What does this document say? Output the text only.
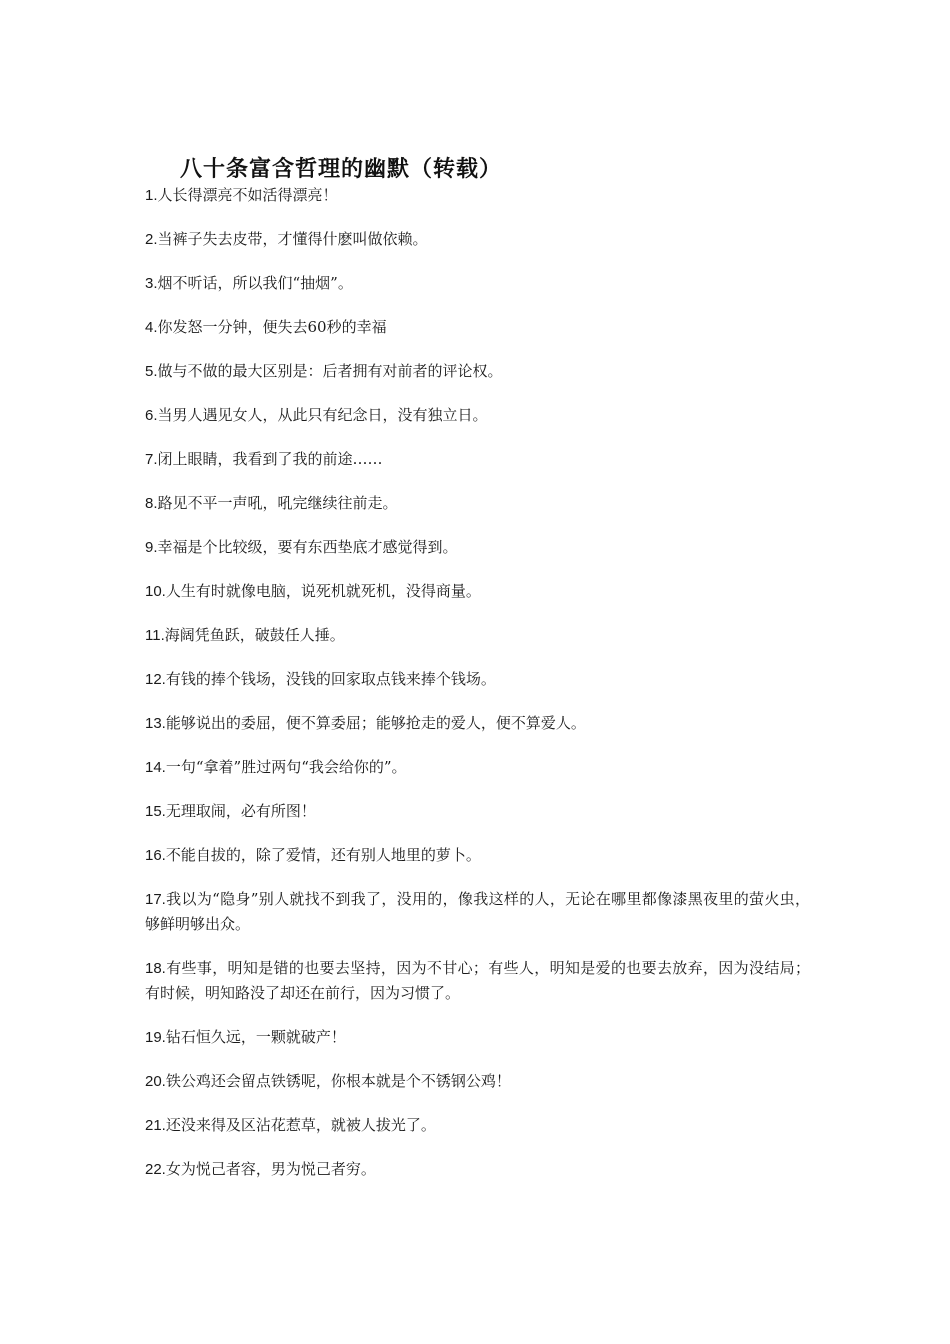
八十条富含哲理的幽默（转载）
1.人长得漂亮不如活得漂亮！
2.当裤子失去皮带，才懂得什麽叫做依赖。
3.烟不听话，所以我们“抽烟”。
4.你发怒一分钟，便失去60秒的幸福
5.做与不做的最大区别是：后者拥有对前者的评论权。
6.当男人遇见女人，从此只有纪念日，没有独立日。
7.闭上眼睛，我看到了我的前途……
8.路见不平一声吼，吼完继续往前走。
9.幸福是个比较级，要有东西垫底才感觉得到。
10.人生有时就像电脑，说死机就死机，没得商量。
11.海阔凭鱼跃，破鼓任人捶。
12.有钱的捧个钱场，没钱的回家取点钱来捧个钱场。
13.能够说出的委屈，便不算委屈；能够抢走的爱人，便不算爱人。
14.一句“拿着”胜过两句“我会给你的”。
15.无理取闹，必有所图！
16.不能自拔的，除了爱情，还有别人地里的萝卜。
17.我以为“隐身”别人就找不到我了，没用的，像我这样的人，无论在哪里都像漆黑夜里的萤火虫，够鲜明够出众。
18.有些事，明知是错的也要去坚持，因为不甘心；有些人，明知是爱的也要去放弃，因为没结局；有时候，明知路没了却还在前行，因为习惯了。
19.钻石恒久远，一颗就破产！
20.铁公鸡还会留点铁锈呢，你根本就是个不锈钢公鸡！
21.还没来得及区沾花惹草，就被人拔光了。
22.女为悦己者容，男为悦己者穷。
